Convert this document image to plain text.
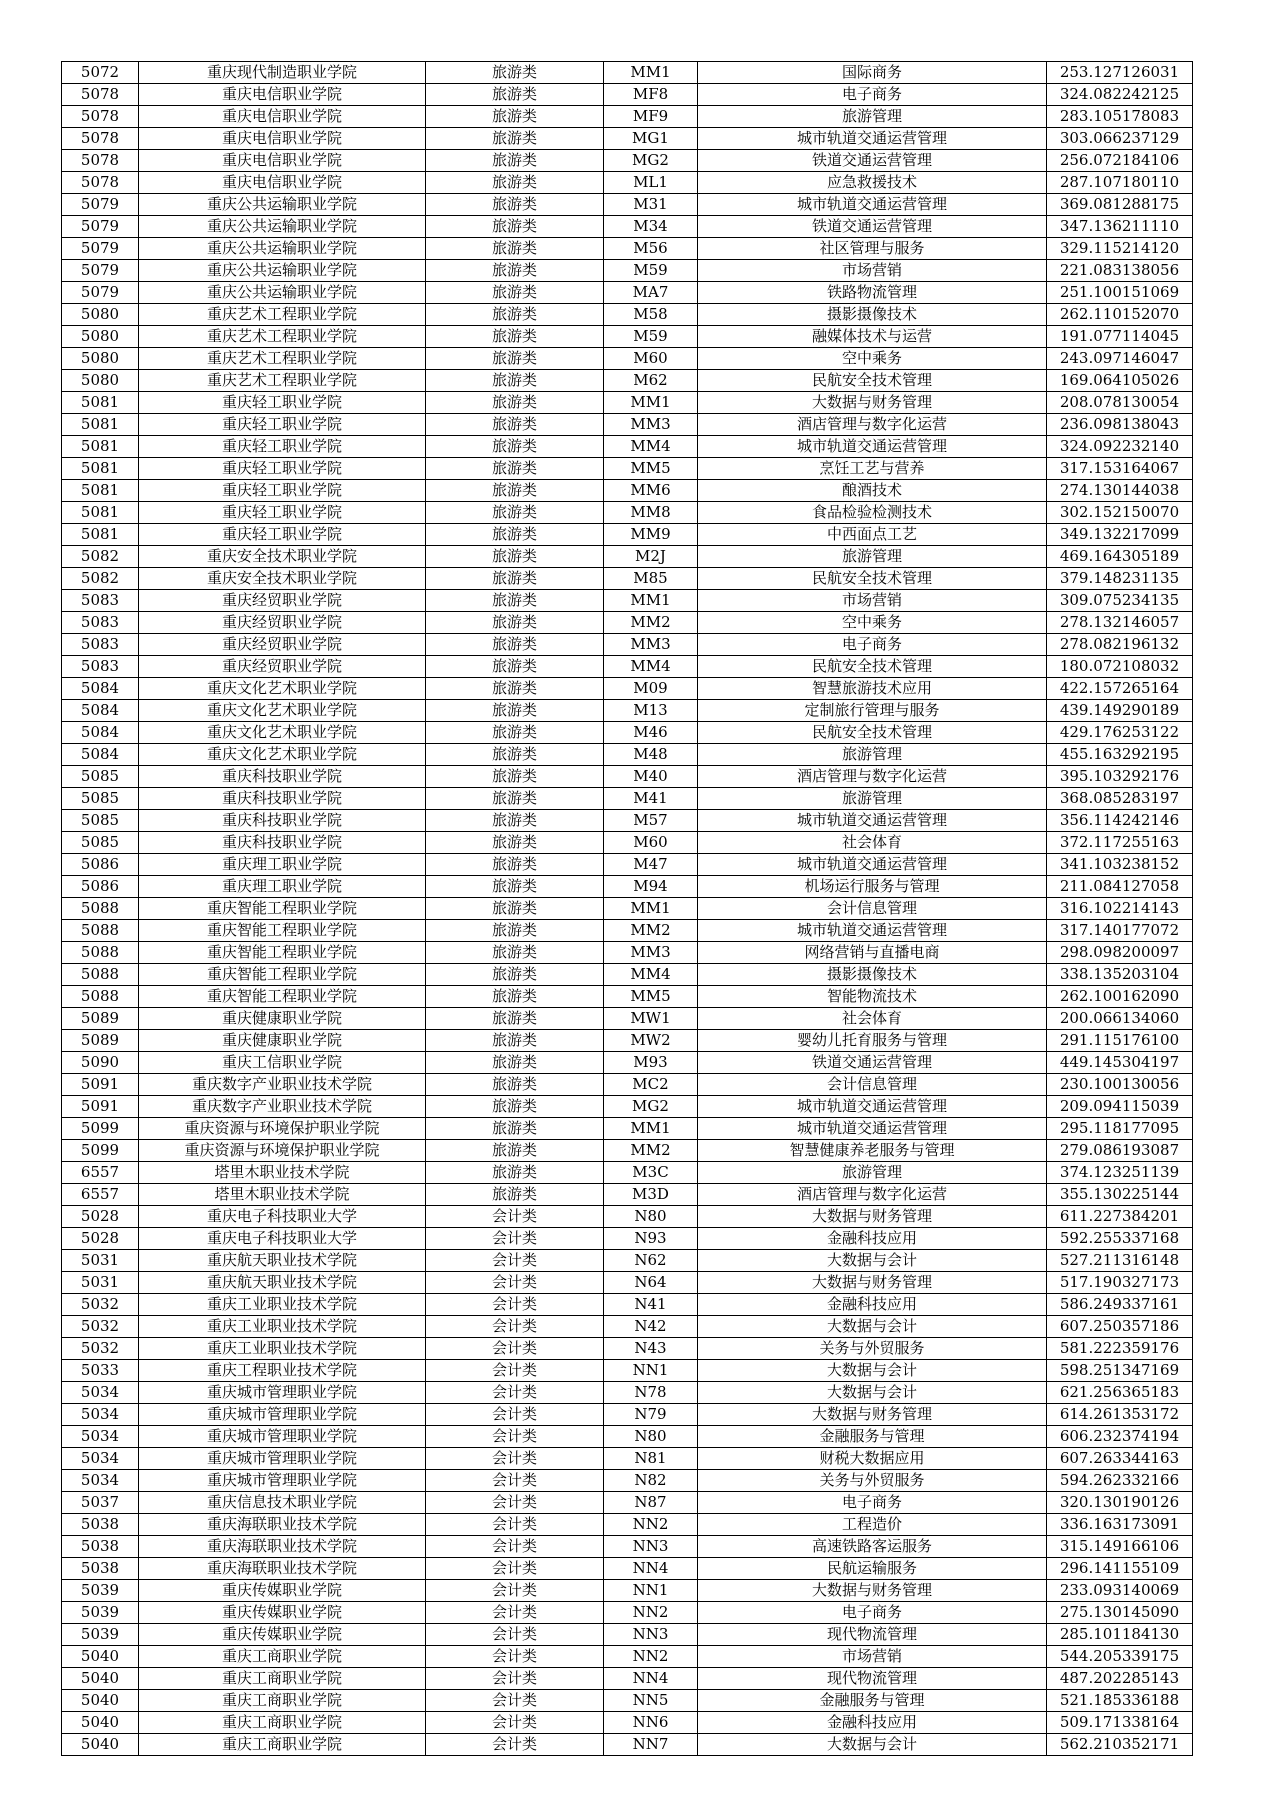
5072	重庆现代制造职业学院	旅游类	MM1	国际商务	253.127126031
5078	重庆电信职业学院	旅游类	MF8	电子商务	324.082242125
5078	重庆电信职业学院	旅游类	MF9	旅游管理	283.105178083
5078	重庆电信职业学院	旅游类	MG1	城市轨道交通运营管理	303.066237129
5078	重庆电信职业学院	旅游类	MG2	铁道交通运营管理	256.072184106
5078	重庆电信职业学院	旅游类	ML1	应急救援技术	287.107180110
5079	重庆公共运输职业学院	旅游类	M31	城市轨道交通运营管理	369.081288175
5079	重庆公共运输职业学院	旅游类	M34	铁道交通运营管理	347.136211110
5079	重庆公共运输职业学院	旅游类	M56	社区管理与服务	329.115214120
5079	重庆公共运输职业学院	旅游类	M59	市场营销	221.083138056
5079	重庆公共运输职业学院	旅游类	MA7	铁路物流管理	251.100151069
5080	重庆艺术工程职业学院	旅游类	M58	摄影摄像技术	262.110152070
5080	重庆艺术工程职业学院	旅游类	M59	融媒体技术与运营	191.077114045
5080	重庆艺术工程职业学院	旅游类	M60	空中乘务	243.097146047
5080	重庆艺术工程职业学院	旅游类	M62	民航安全技术管理	169.064105026
5081	重庆轻工职业学院	旅游类	MM1	大数据与财务管理	208.078130054
5081	重庆轻工职业学院	旅游类	MM3	酒店管理与数字化运营	236.098138043
5081	重庆轻工职业学院	旅游类	MM4	城市轨道交通运营管理	324.092232140
5081	重庆轻工职业学院	旅游类	MM5	烹饪工艺与营养	317.153164067
5081	重庆轻工职业学院	旅游类	MM6	酿酒技术	274.130144038
5081	重庆轻工职业学院	旅游类	MM8	食品检验检测技术	302.152150070
5081	重庆轻工职业学院	旅游类	MM9	中西面点工艺	349.132217099
5082	重庆安全技术职业学院	旅游类	M2J	旅游管理	469.164305189
5082	重庆安全技术职业学院	旅游类	M85	民航安全技术管理	379.148231135
5083	重庆经贸职业学院	旅游类	MM1	市场营销	309.075234135
5083	重庆经贸职业学院	旅游类	MM2	空中乘务	278.132146057
5083	重庆经贸职业学院	旅游类	MM3	电子商务	278.082196132
5083	重庆经贸职业学院	旅游类	MM4	民航安全技术管理	180.072108032
5084	重庆文化艺术职业学院	旅游类	M09	智慧旅游技术应用	422.157265164
5084	重庆文化艺术职业学院	旅游类	M13	定制旅行管理与服务	439.149290189
5084	重庆文化艺术职业学院	旅游类	M46	民航安全技术管理	429.176253122
5084	重庆文化艺术职业学院	旅游类	M48	旅游管理	455.163292195
5085	重庆科技职业学院	旅游类	M40	酒店管理与数字化运营	395.103292176
5085	重庆科技职业学院	旅游类	M41	旅游管理	368.085283197
5085	重庆科技职业学院	旅游类	M57	城市轨道交通运营管理	356.114242146
5085	重庆科技职业学院	旅游类	M60	社会体育	372.117255163
5086	重庆理工职业学院	旅游类	M47	城市轨道交通运营管理	341.103238152
5086	重庆理工职业学院	旅游类	M94	机场运行服务与管理	211.084127058
5088	重庆智能工程职业学院	旅游类	MM1	会计信息管理	316.102214143
5088	重庆智能工程职业学院	旅游类	MM2	城市轨道交通运营管理	317.140177072
5088	重庆智能工程职业学院	旅游类	MM3	网络营销与直播电商	298.098200097
5088	重庆智能工程职业学院	旅游类	MM4	摄影摄像技术	338.135203104
5088	重庆智能工程职业学院	旅游类	MM5	智能物流技术	262.100162090
5089	重庆健康职业学院	旅游类	MW1	社会体育	200.066134060
5089	重庆健康职业学院	旅游类	MW2	婴幼儿托育服务与管理	291.115176100
5090	重庆工信职业学院	旅游类	M93	铁道交通运营管理	449.145304197
5091	重庆数字产业职业技术学院	旅游类	MC2	会计信息管理	230.100130056
5091	重庆数字产业职业技术学院	旅游类	MG2	城市轨道交通运营管理	209.094115039
5099	重庆资源与环境保护职业学院	旅游类	MM1	城市轨道交通运营管理	295.118177095
5099	重庆资源与环境保护职业学院	旅游类	MM2	智慧健康养老服务与管理	279.086193087
6557	塔里木职业技术学院	旅游类	M3C	旅游管理	374.123251139
6557	塔里木职业技术学院	旅游类	M3D	酒店管理与数字化运营	355.130225144
5028	重庆电子科技职业大学	会计类	N80	大数据与财务管理	611.227384201
5028	重庆电子科技职业大学	会计类	N93	金融科技应用	592.255337168
5031	重庆航天职业技术学院	会计类	N62	大数据与会计	527.211316148
5031	重庆航天职业技术学院	会计类	N64	大数据与财务管理	517.190327173
5032	重庆工业职业技术学院	会计类	N41	金融科技应用	586.249337161
5032	重庆工业职业技术学院	会计类	N42	大数据与会计	607.250357186
5032	重庆工业职业技术学院	会计类	N43	关务与外贸服务	581.222359176
5033	重庆工程职业技术学院	会计类	NN1	大数据与会计	598.251347169
5034	重庆城市管理职业学院	会计类	N78	大数据与会计	621.256365183
5034	重庆城市管理职业学院	会计类	N79	大数据与财务管理	614.261353172
5034	重庆城市管理职业学院	会计类	N80	金融服务与管理	606.232374194
5034	重庆城市管理职业学院	会计类	N81	财税大数据应用	607.263344163
5034	重庆城市管理职业学院	会计类	N82	关务与外贸服务	594.262332166
5037	重庆信息技术职业学院	会计类	N87	电子商务	320.130190126
5038	重庆海联职业技术学院	会计类	NN2	工程造价	336.163173091
5038	重庆海联职业技术学院	会计类	NN3	高速铁路客运服务	315.149166106
5038	重庆海联职业技术学院	会计类	NN4	民航运输服务	296.141155109
5039	重庆传媒职业学院	会计类	NN1	大数据与财务管理	233.093140069
5039	重庆传媒职业学院	会计类	NN2	电子商务	275.130145090
5039	重庆传媒职业学院	会计类	NN3	现代物流管理	285.101184130
5040	重庆工商职业学院	会计类	NN2	市场营销	544.205339175
5040	重庆工商职业学院	会计类	NN4	现代物流管理	487.202285143
5040	重庆工商职业学院	会计类	NN5	金融服务与管理	521.185336188
5040	重庆工商职业学院	会计类	NN6	金融科技应用	509.171338164
5040	重庆工商职业学院	会计类	NN7	大数据与会计	562.210352171
